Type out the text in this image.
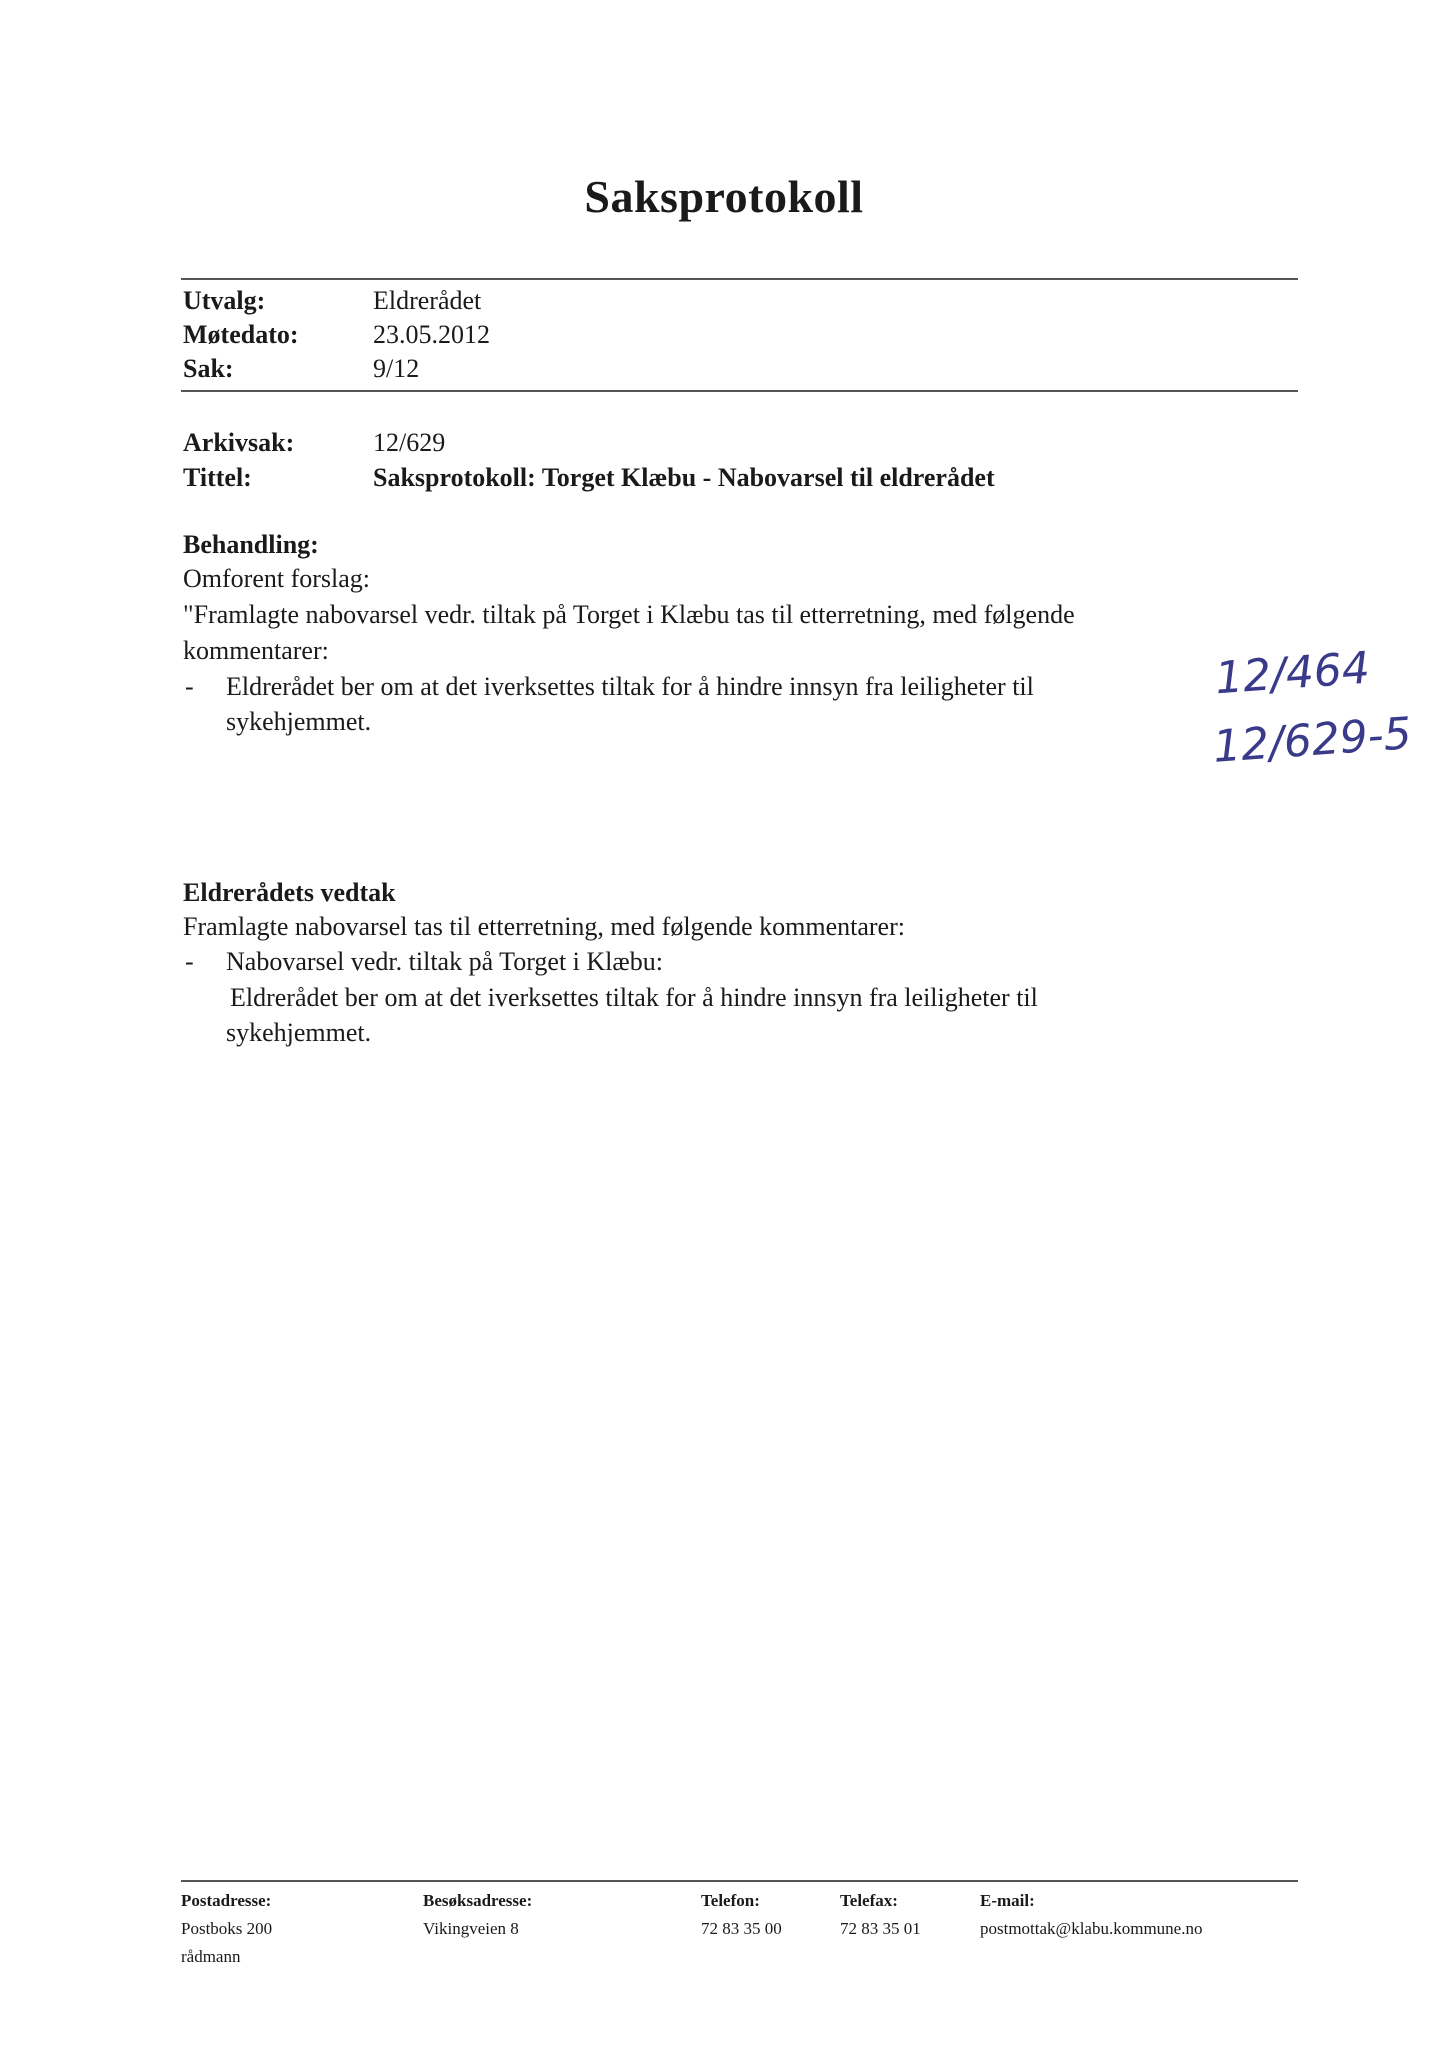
Saksprotokoll
Utvalg:	Eldrerådet
Møtedato:	23.05.2012
Sak:	9/12
Arkivsak:	12/629
Tittel:	Saksprotokoll: Torget Klæbu - Nabovarsel til eldrerådet
Behandling:
Omforent forslag:
"Framlagte nabovarsel vedr. tiltak på Torget i Klæbu tas til etterretning, med følgende
kommentarer:
- Eldrerådet ber om at det iverksettes tiltak for å hindre innsyn fra leiligheter til
sykehjemmet.
12/464
12/629-5
Eldrerådets vedtak
Framlagte nabovarsel tas til etterretning, med følgende kommentarer:
- Nabovarsel vedr. tiltak på Torget i Klæbu:
Eldrerådet ber om at det iverksettes tiltak for å hindre innsyn fra leiligheter til
sykehjemmet.
Postadresse:
Postboks 200
rådmann
Besøksadresse:
Vikingveien 8
Telefon:
72 83 35 00
Telefax:
72 83 35 01
E-mail:
postmottak@klabu.kommune.no
